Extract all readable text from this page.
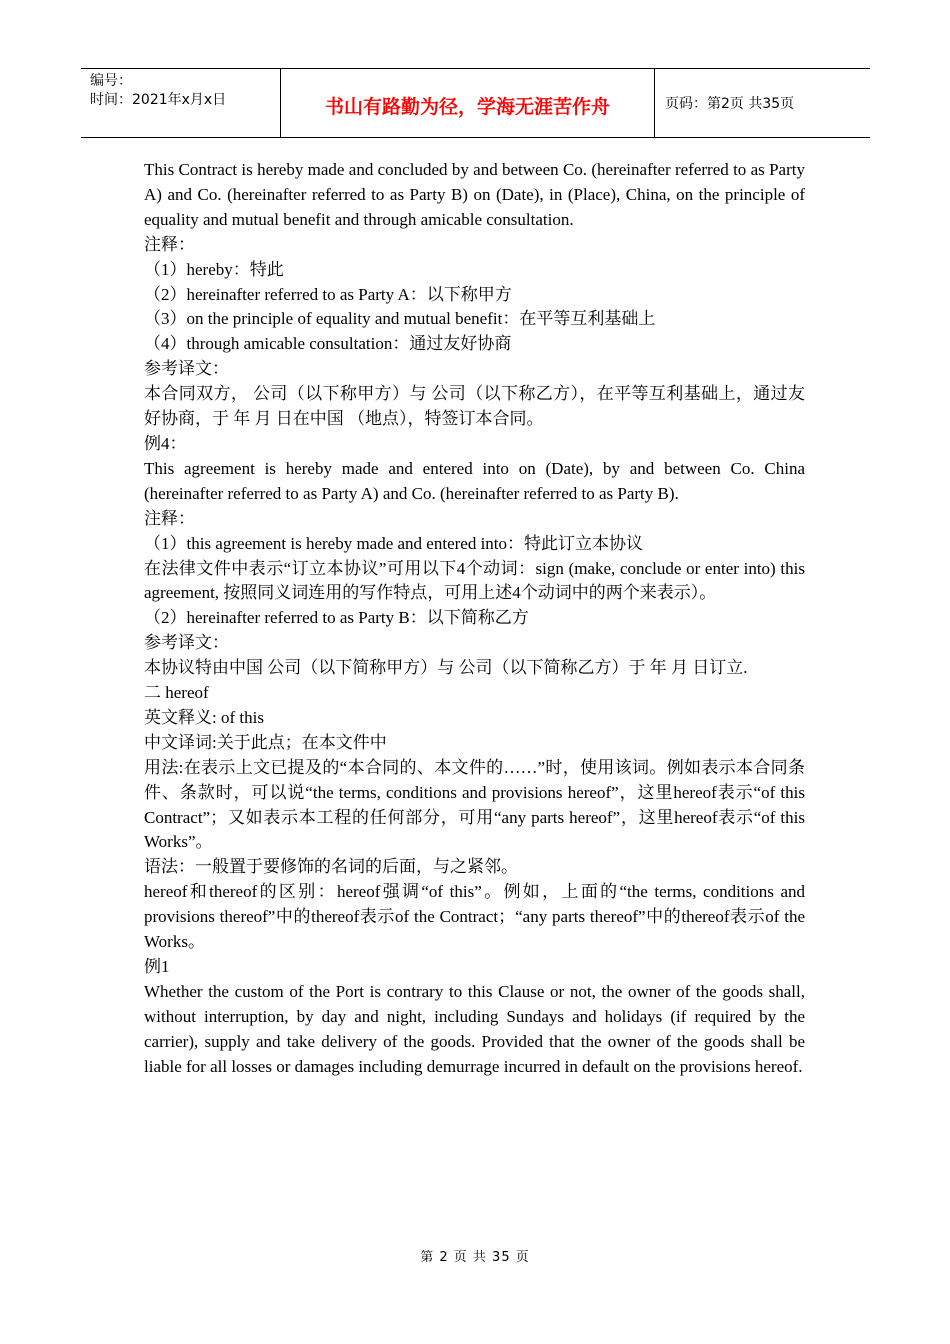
编号：
时间：2021年x月x日	书山有路勤为径，学海无涯苦作舟	页码：第2页 共35页

This Contract is hereby made and concluded by and between Co. (hereinafter referred to as Party A) and Co. (hereinafter referred to as Party B) on (Date), in (Place), China, on the principle of equality and mutual benefit and through amicable consultation.

注释：

（1）hereby：特此

（2）hereinafter referred to as Party A：以下称甲方

（3）on the principle of equality and mutual benefit：在平等互利基础上

（4）through amicable consultation：通过友好协商

参考译文：

本合同双方， 公司（以下称甲方）与 公司（以下称乙方），在平等互利基础上，通过友好协商，于 年 月 日在中国 （地点），特签订本合同。

例4：

This agreement is hereby made and entered into on (Date), by and between Co. China (hereinafter referred to as Party A) and Co. (hereinafter referred to as Party B).

注释：

（1）this agreement is hereby made and entered into：特此订立本协议

在法律文件中表示“订立本协议”可用以下4个动词：sign (make, conclude or enter into) this agreement, 按照同义词连用的写作特点，可用上述4个动词中的两个来表示）。

（2）hereinafter referred to as Party B：以下简称乙方

参考译文：

本协议特由中国 公司（以下简称甲方）与 公司（以下简称乙方）于 年 月 日订立.

二 hereof

英文释义: of this

中文译词:关于此点；在本文件中

用法:在表示上文已提及的“本合同的、本文件的……”时，使用该词。例如表示本合同条件、条款时，可以说“the terms, conditions and provisions hereof”，这里hereof表示“of this Contract”；又如表示本工程的任何部分，可用“any parts hereof”，这里hereof表示“of this Works”。

语法：一般置于要修饰的名词的后面，与之紧邻。

hereof和thereof的区别：hereof强调“of this”。例如，上面的“the terms, conditions and provisions thereof”中的thereof表示of the Contract；“any parts thereof”中的thereof表示of the Works。

例1

Whether the custom of the Port is contrary to this Clause or not, the owner of the goods shall, without interruption, by day and night, including Sundays and holidays (if required by the carrier), supply and take delivery of the goods. Provided that the owner of the goods shall be liable for all losses or damages including demurrage incurred in default on the provisions hereof.

第 2 页 共 35 页
